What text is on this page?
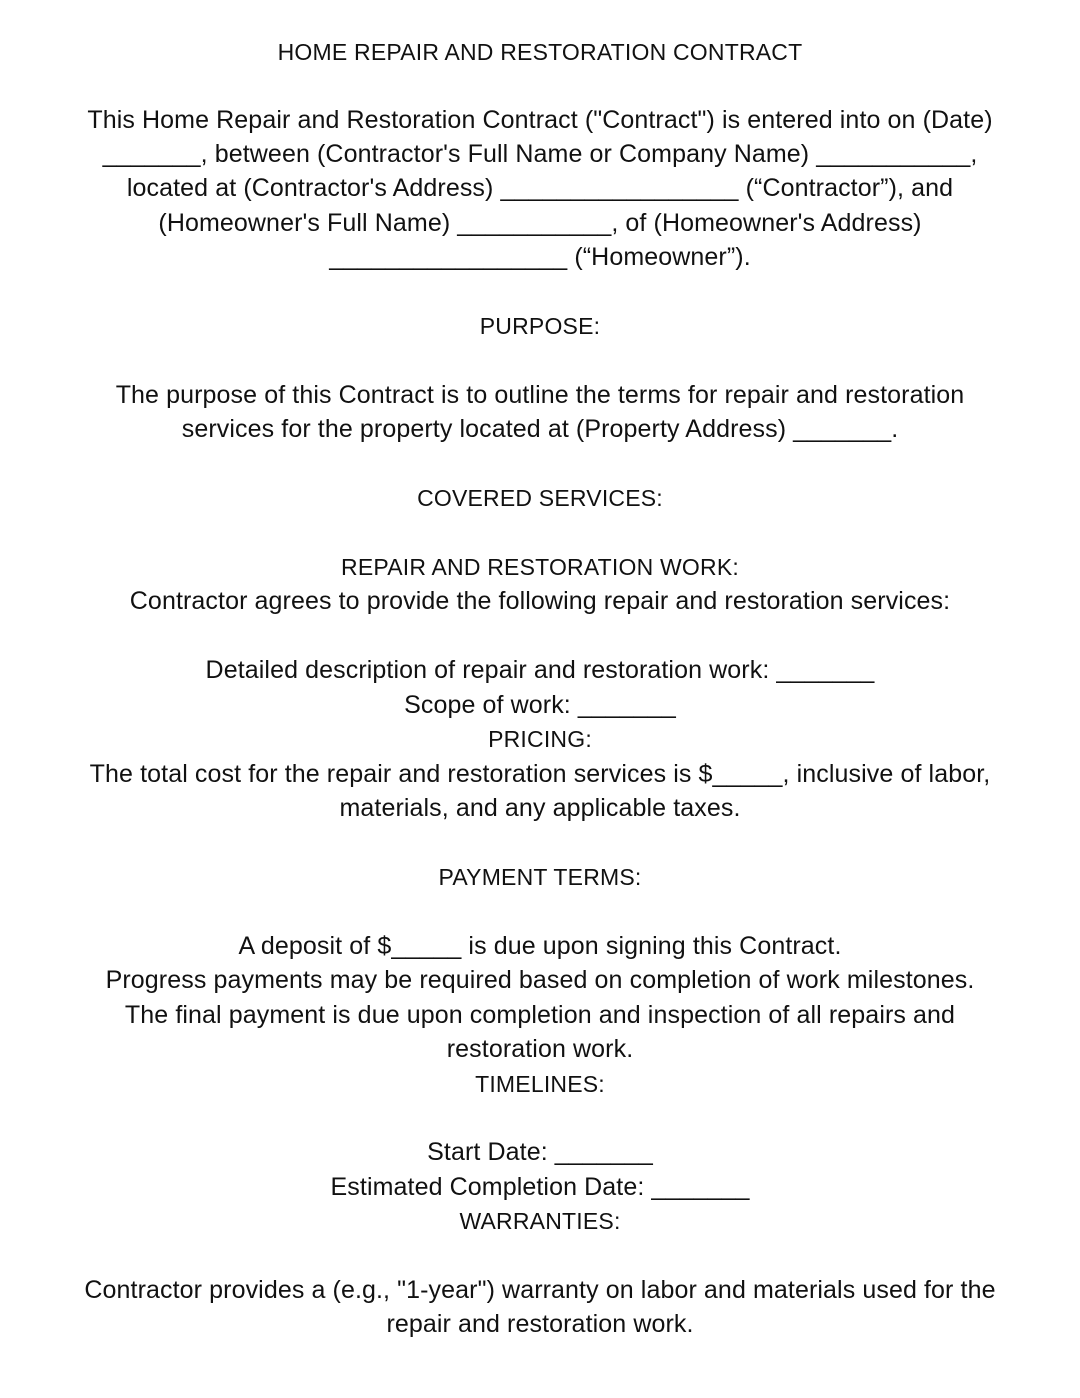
HOME REPAIR AND RESTORATION CONTRACT
This Home Repair and Restoration Contract ("Contract") is entered into on (Date)
_______, between (Contractor's Full Name or Company Name) ___________,
located at (Contractor's Address) _________________ (“Contractor”), and
(Homeowner's Full Name) ___________, of (Homeowner's Address)
_________________ (“Homeowner”).
PURPOSE:
The purpose of this Contract is to outline the terms for repair and restoration
services for the property located at (Property Address) _______.
COVERED SERVICES:
REPAIR AND RESTORATION WORK:
Contractor agrees to provide the following repair and restoration services:
Detailed description of repair and restoration work: _______
Scope of work: _______
PRICING:
The total cost for the repair and restoration services is $_____, inclusive of labor,
materials, and any applicable taxes.
PAYMENT TERMS:
A deposit of $_____ is due upon signing this Contract.
Progress payments may be required based on completion of work milestones.
The final payment is due upon completion and inspection of all repairs and
restoration work.
TIMELINES:
Start Date: _______
Estimated Completion Date: _______
WARRANTIES:
Contractor provides a (e.g., "1-year") warranty on labor and materials used for the
repair and restoration work.
